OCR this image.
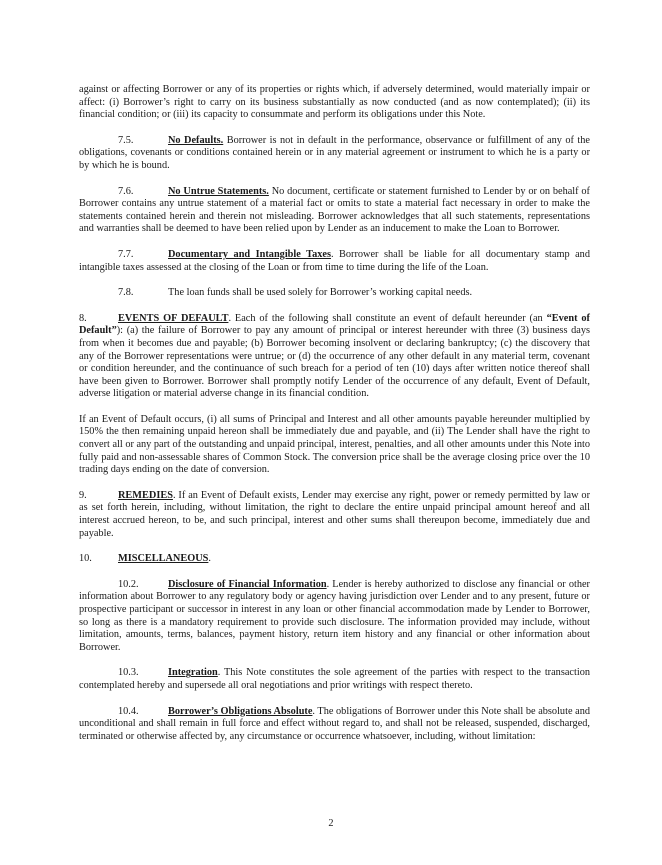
against or affecting Borrower or any of its properties or rights which, if adversely determined, would materially impair or affect: (i) Borrower’s right to carry on its business substantially as now conducted (and as now contemplated); (ii) its financial condition; or (iii) its capacity to consummate and perform its obligations under this Note.

7.5.	No Defaults. Borrower is not in default in the performance, observance or fulfillment of any of the obligations, covenants or conditions contained herein or in any material agreement or instrument to which he is a party or by which he is bound.

7.6.	No Untrue Statements. No document, certificate or statement furnished to Lender by or on behalf of Borrower contains any untrue statement of a material fact or omits to state a material fact necessary in order to make the statements contained herein and therein not misleading. Borrower acknowledges that all such statements, representations and warranties shall be deemed to have been relied upon by Lender as an inducement to make the Loan to Borrower.

7.7.	Documentary and Intangible Taxes. Borrower shall be liable for all documentary stamp and intangible taxes assessed at the closing of the Loan or from time to time during the life of the Loan.

7.8.	The loan funds shall be used solely for Borrower’s working capital needs.

8.	EVENTS OF DEFAULT. Each of the following shall constitute an event of default hereunder (an “Event of Default”): (a) the failure of Borrower to pay any amount of principal or interest hereunder with three (3) business days from when it becomes due and payable; (b) Borrower becoming insolvent or declaring bankruptcy; (c) the discovery that any of the Borrower representations were untrue; or (d) the occurrence of any other default in any material term, covenant or condition hereunder, and the continuance of such breach for a period of ten (10) days after written notice thereof shall have been given to Borrower. Borrower shall promptly notify Lender of the occurrence of any default, Event of Default, adverse litigation or material adverse change in its financial condition.

If an Event of Default occurs, (i) all sums of Principal and Interest and all other amounts payable hereunder multiplied by 150% the then remaining unpaid hereon shall be immediately due and payable, and (ii) The Lender shall have the right to convert all or any part of the outstanding and unpaid principal, interest, penalties, and all other amounts under this Note into fully paid and non-assessable shares of Common Stock. The conversion price shall be the average closing price over the 10 trading days ending on the date of conversion.

9.	REMEDIES. If an Event of Default exists, Lender may exercise any right, power or remedy permitted by law or as set forth herein, including, without limitation, the right to declare the entire unpaid principal amount hereof and all interest accrued hereon, to be, and such principal, interest and other sums shall thereupon become, immediately due and payable.

10.	MISCELLANEOUS.

10.2.	Disclosure of Financial Information. Lender is hereby authorized to disclose any financial or other information about Borrower to any regulatory body or agency having jurisdiction over Lender and to any present, future or prospective participant or successor in interest in any loan or other financial accommodation made by Lender to Borrower, so long as there is a mandatory requirement to provide such disclosure. The information provided may include, without limitation, amounts, terms, balances, payment history, return item history and any financial or other information about Borrower.

10.3.	Integration. This Note constitutes the sole agreement of the parties with respect to the transaction contemplated hereby and supersede all oral negotiations and prior writings with respect thereto.

10.4.	Borrower’s Obligations Absolute. The obligations of Borrower under this Note shall be absolute and unconditional and shall remain in full force and effect without regard to, and shall not be released, suspended, discharged, terminated or otherwise affected by, any circumstance or occurrence whatsoever, including, without limitation:

2
